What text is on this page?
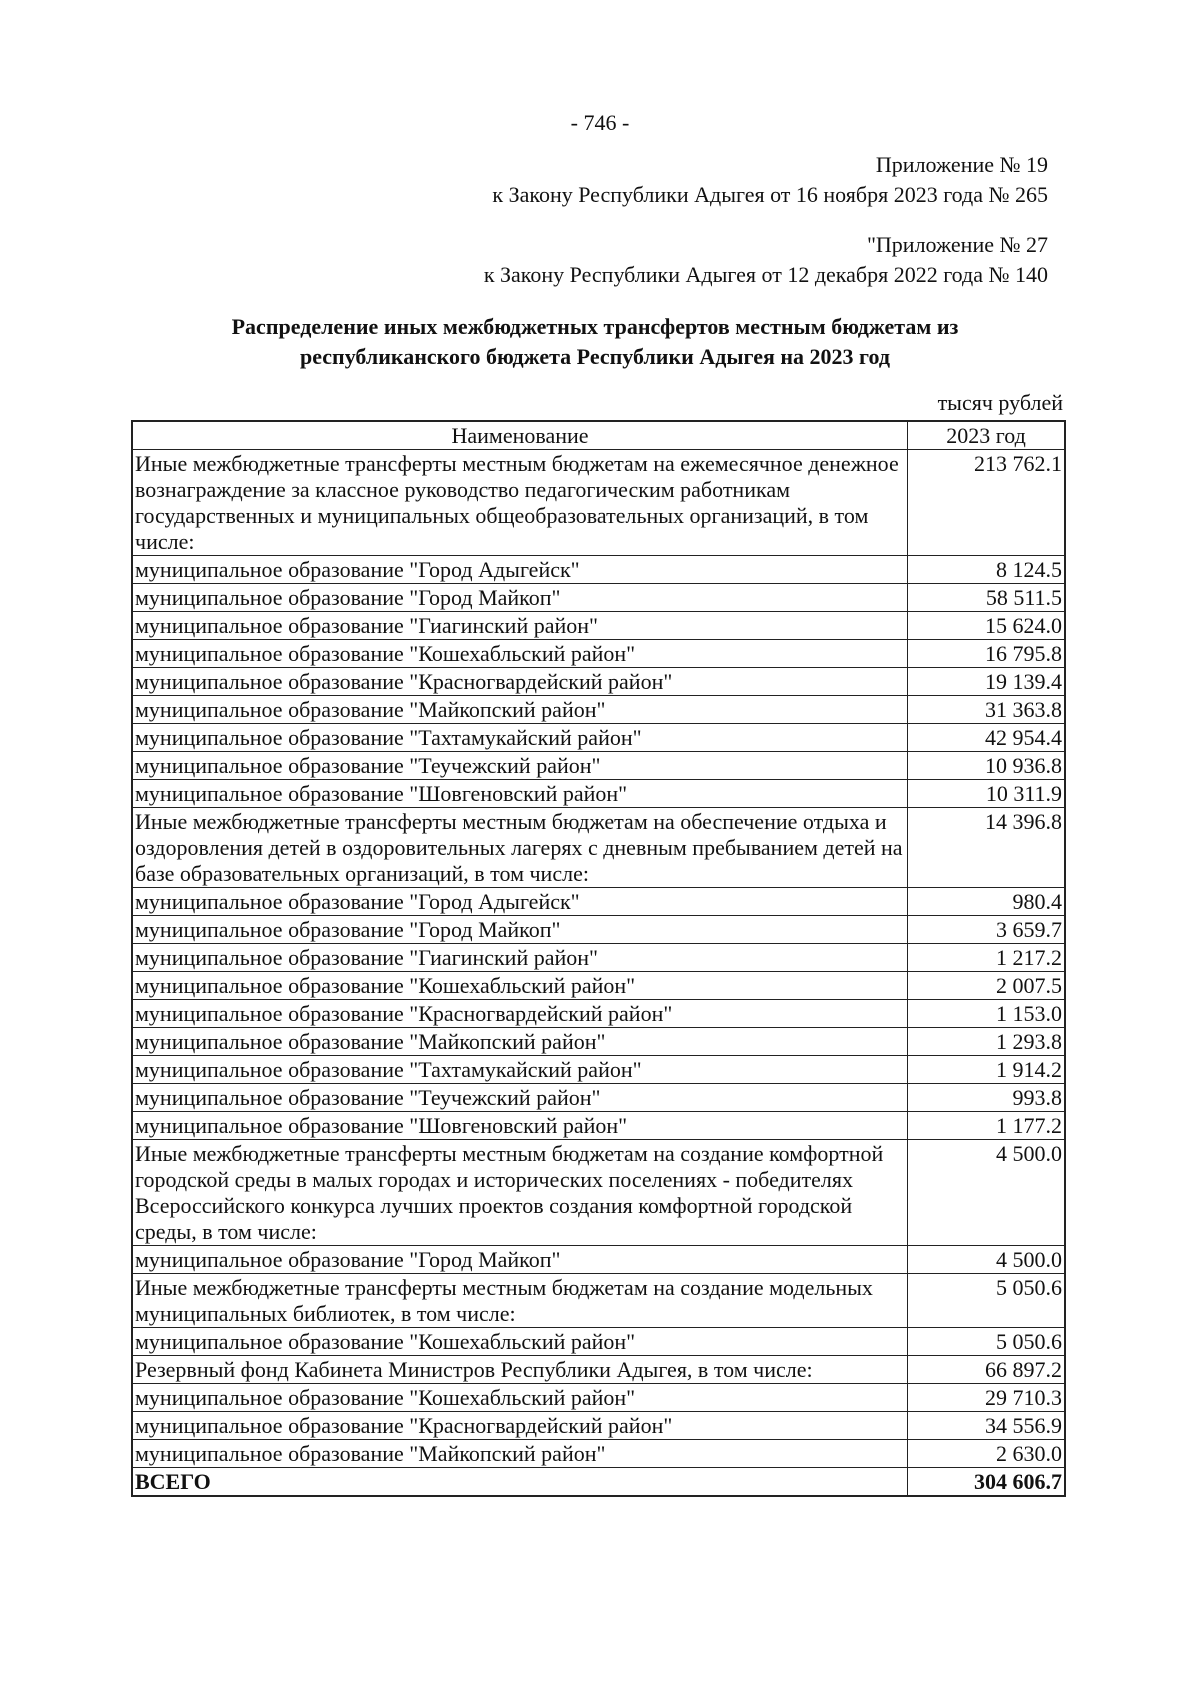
- 746 -
Приложение № 19
к Закону Республики Адыгея от 16 ноября 2023 года № 265
"Приложение № 27
к Закону Республики Адыгея от 12 декабря 2022 года № 140
Распределение иных межбюджетных трансфертов местным бюджетам из
республиканского бюджета Республики Адыгея на 2023 год
тысяч рублей
Наименование	2023 год
Иные межбюджетные трансферты местным бюджетам на ежемесячное денежное вознаграждение за классное руководство педагогическим работникам государственных и муниципальных общеобразовательных организаций, в том числе:	213 762.1
муниципальное образование "Город Адыгейск"	8 124.5
муниципальное образование "Город Майкоп"	58 511.5
муниципальное образование "Гиагинский район"	15 624.0
муниципальное образование "Кошехабльский район"	16 795.8
муниципальное образование "Красногвардейский район"	19 139.4
муниципальное образование "Майкопский район"	31 363.8
муниципальное образование "Тахтамукайский район"	42 954.4
муниципальное образование "Теучежский район"	10 936.8
муниципальное образование "Шовгеновский район"	10 311.9
Иные межбюджетные трансферты местным бюджетам на обеспечение отдыха и оздоровления детей в оздоровительных лагерях с дневным пребыванием детей на базе образовательных организаций, в том числе:	14 396.8
муниципальное образование "Город Адыгейск"	980.4
муниципальное образование "Город Майкоп"	3 659.7
муниципальное образование "Гиагинский район"	1 217.2
муниципальное образование "Кошехабльский район"	2 007.5
муниципальное образование "Красногвардейский район"	1 153.0
муниципальное образование "Майкопский район"	1 293.8
муниципальное образование "Тахтамукайский район"	1 914.2
муниципальное образование "Теучежский район"	993.8
муниципальное образование "Шовгеновский район"	1 177.2
Иные межбюджетные трансферты местным бюджетам на создание комфортной городской среды в малых городах и исторических поселениях - победителях Всероссийского конкурса лучших проектов создания комфортной городской среды, в том числе:	4 500.0
муниципальное образование "Город Майкоп"	4 500.0
Иные межбюджетные трансферты местным бюджетам на создание модельных муниципальных библиотек, в том числе:	5 050.6
муниципальное образование "Кошехабльский район"	5 050.6
Резервный фонд Кабинета Министров Республики Адыгея, в том числе:	66 897.2
муниципальное образование "Кошехабльский район"	29 710.3
муниципальное образование "Красногвардейский район"	34 556.9
муниципальное образование "Майкопский район"	2 630.0
ВСЕГО	304 606.7
